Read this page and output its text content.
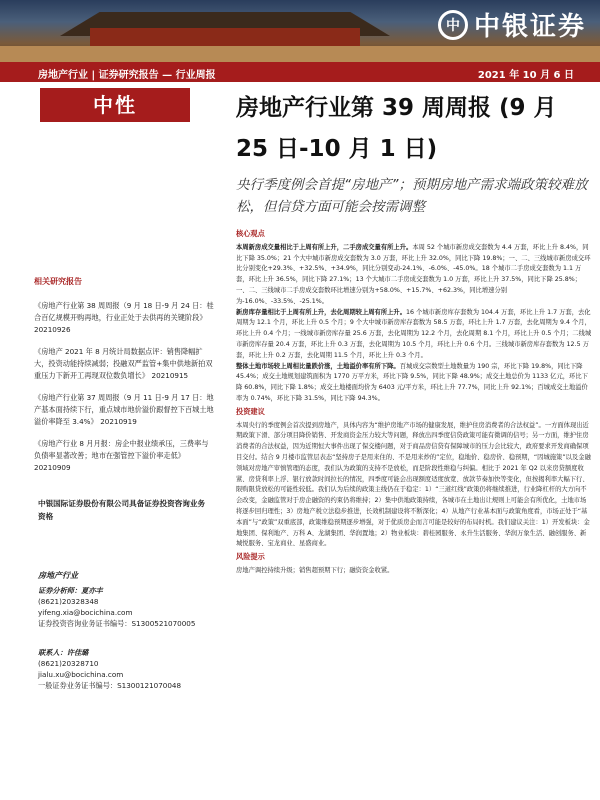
中 中银证券
房地产行业 | 证券研究报告 — 行业周报	2021 年 10 月 6 日
中性	房地产行业第 39 周周报 (9 月 25 日-10 月 1 日)
央行季度例会首提“房地产”；预期房地产需求端政策较难放松，但信贷方面可能会按需调整
相关研究报告
《房地产行业第 38 周周报（9 月 18 日-9 月 24 日：桂合百亿规模开购再地，行业正处于去供再的关键阶段》 20210926
《房地产 2021 年 8 月统计局数据点评：销售降幅扩大，投资动能持续减弱；投融双严监管+集中供地新拍双重压力下新开工再现双位数负增长》 20210915
《房地产行业第 37 周周报（9 月 11 日-9 月 17 日：地产基本面持续下行，重点城市地价溢价跟督控下百城土地溢价率降至 3.4%》 20210919
《房地产行业 8 月月报：房企中报业绩承压，三费率与负债率显著改善；地市在强管控下溢价率走低》 20210909
中银国际证券股份有限公司具备证券投资咨询业务资格
房地产行业
证券分析师：夏亦丰
(8621)20328348
yifeng.xia@bocichina.com
证券投资咨询业务证书编号：S1300521070005
联系人：许佳璐
(8621)20328710
jialu.xu@bocichina.com
一般证券业务证书编号：S1300121070048
核心观点

本周新房成交量相比于上周有所上升，二手房成交量有所上升。本周 52 个城市新房成交套数为 4.4 万套，环比上升 8.4%，同比下降 35.0%；21 个大中城市新房成交套数为 3.0 万套，环比上升 32.0%，同比下降 19.8%；一、二、三线城市新房成交环比分别变化+29.3%、+32.5%、+34.9%，同比分别变动-24.1%、-6.0%、-45.0%。18 个城市二手房成交套数为 1.1 万套，环比上升 36.5%，同比下降 27.1%；13 个大城市二手房成交套数为 1.0 万套，环比上升 37.5%，同比下降 25.8%；一、二、三线城市二手房成交套数环比增速分别为+58.0%、+15.7%、+62.3%，同比增速分别为-16.0%、-33.5%、-25.1%。

新房库存量相比于上周有所上升，去化周期较上周有所上升。16 个城市新房库存套数为 104.4 万套，环比上升 1.7 万套，去化周期为 12.1 个月，环比上升 0.5 个月；9 个大中城市新房库存套数为 58.5 万套，环比上升 1.7 万套，去化周期为 9.4 个月，环比上升 0.4 个月；一线城市新房库存量 25.6 万套，去化周期为 12.2 个月，去化周期 8.1 个月，环比上升 0.5 个月；二线城市新房库存量 20.4 万套，环比上升 0.3 万套，去化周期为 10.5 个月，环比上升 0.6 个月。三线城市新房库存套数为 12.5 万套，环比上升 0.2 万套，去化周期 11.5 个月，环比上升 0.3 个月。

整体土地市场较上周相比量跌价涨，土地溢价率有所下降。百城成交宗数型土地数量为 190 宗，环比下降 19.8%，同比下降 45.4%；成交土地规划建筑面积为 1770 万平方米，环比下降 9.5%，同比下降 48.9%；成交土地总价为 1133 亿元，环比下降 60.8%，同比下降 1.8%；成交土地楼面均价为 6403 元/平方米，环比上升 77.7%，同比上升 92.1%；百城成交土地溢价率为 0.74%，环比下降 31.5%，同比下降 94.3%。

投资建议

本周央行的季度例会首次提到房地产，具体内容为“维护房地产市场的健康发展，维护住房消费者的合法权益”。一方面体现出近期政策下滑、部分项目降价销售、开发商资金压力较大等问题，释放出四季度信贷政策可能有微调的信号；另一方面，维护住房消费者的合法权益，因为近期恒大事件出现了保交楼问题，对于商品房信贷有保障城市的压力会比较大，政府要求开发商确保项目交付。结合 9 月楼市监管层表态“坚持房子是用来住的、不是用来炒的”定位，稳地价、稳房价、稳预期，“因城施策”以及金融领域对房地产审慎管理的态度，我们认为政策的支持不是放松，而是阶段性维稳与纠偏。相比于 2021 年 Q2 以来房贷额度收紧、房贷利率上浮、银行放款时间拉长的情况，四季度可能会出现额度适度放宽、放款节奏加快等变化，但按揭利率大幅下行、限购限贷放松的可能性较低。我们认为后续的政策主线仍在于稳定：1）“三道红线”政策仍将继续推进，行业降杠杆的大方向不会改变，金融监管对于房企融资的约束仍将维持；2）集中供地政策持续，各城市在土地出让规则上可能会有所优化，土地市场将逐步回归理性；3）房地产税立法稳步推进，长效机制建设将不断深化；4）从地产行业基本面与政策角度看，市场正处于“基本面”与“政策”双重底部，政策维稳预期逐步增强，对于优质房企而言可能是较好的布局时机。我们建议关注：1）开发板块：金地集团、保利地产、万科 A、龙湖集团、华润置地；2）物业板块：碧桂园服务、永升生活服务、华润万象生活、融创服务、新城悦服务、宝龙商业、星盛商业。

风险提示

房地产调控持续升级；销售超预期下行；融资资金收紧。
